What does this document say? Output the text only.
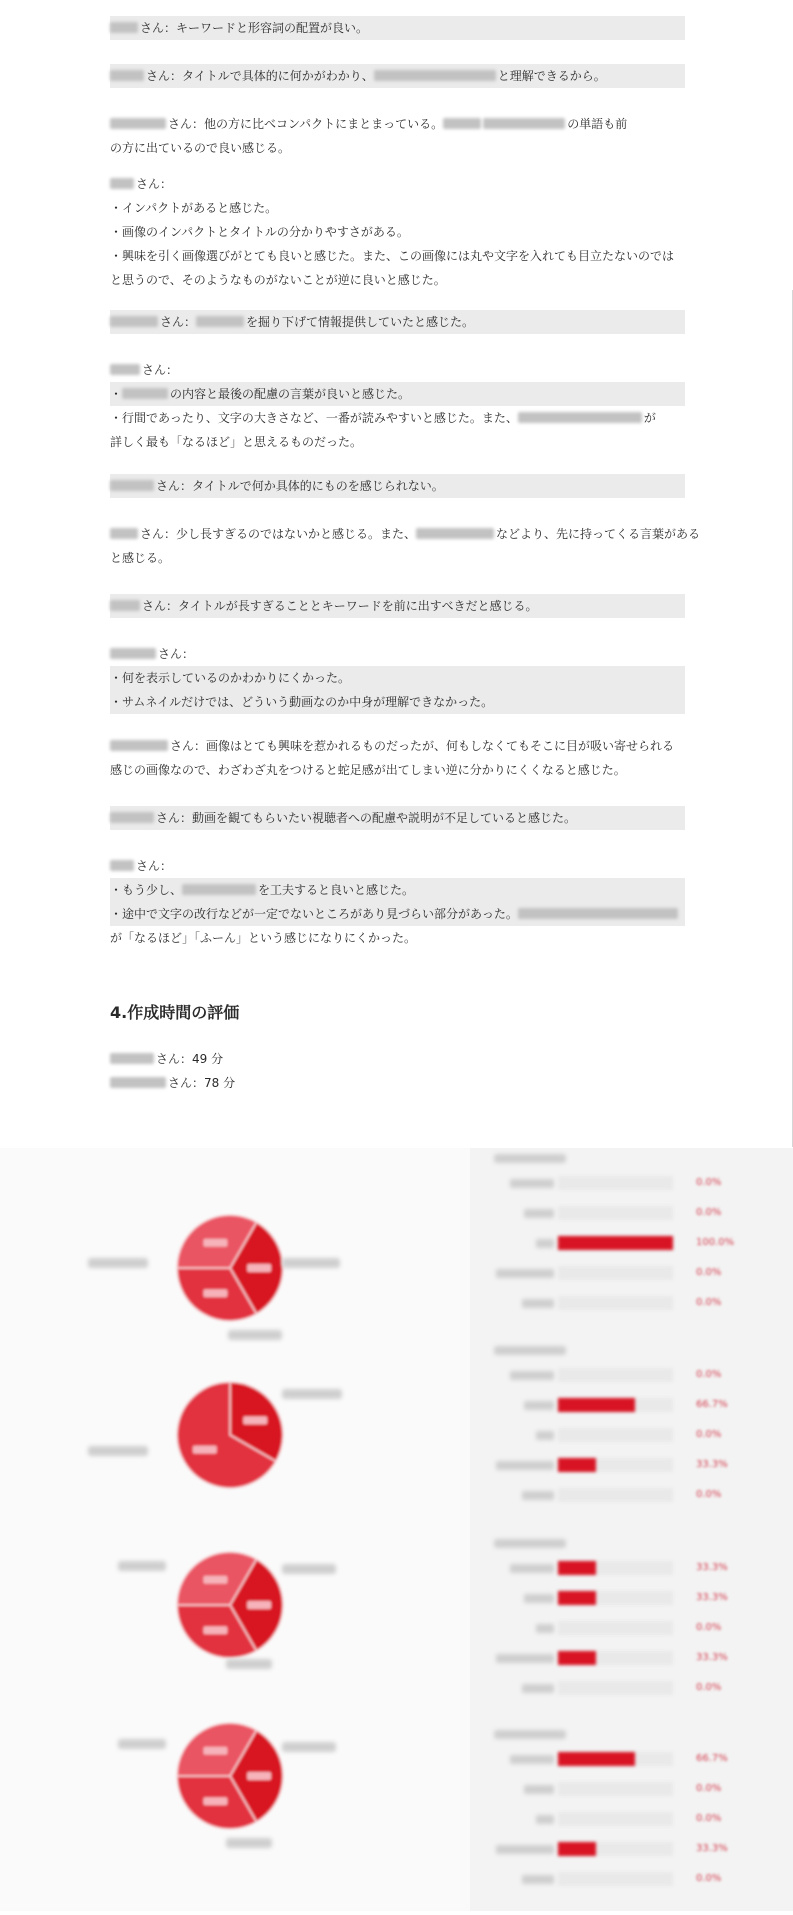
さん：キーワードと形容詞の配置が良い。
さん：タイトルで具体的に何かがわかり、	と理解できるから。
さん：他の方に比べコンパクトにまとまっている。	の単語も前
の方に出ているので良い感じる。
さん：
・インパクトがあると感じた。
・画像のインパクトとタイトルの分かりやすさがある。
・興味を引く画像選びがとても良いと感じた。また、この画像には丸や文字を入れても目立たないのでは
と思うので、そのようなものがないことが逆に良いと感じた。
さん：	を掘り下げて情報提供していたと感じた。
さん：
・	の内容と最後の配慮の言葉が良いと感じた。
・行間であったり、文字の大きさなど、一番が読みやすいと感じた。また、	が
詳しく最も「なるほど」と思えるものだった。
さん：タイトルで何か具体的にものを感じられない。
さん：少し長すぎるのではないかと感じる。また、	などより、先に持ってくる言葉がある
と感じる。
さん：タイトルが長すぎることとキーワードを前に出すべきだと感じる。
さん：
・何を表示しているのかわかりにくかった。
・サムネイルだけでは、どういう動画なのか中身が理解できなかった。
さん：画像はとても興味を惹かれるものだったが、何もしなくてもそこに目が吸い寄せられる
感じの画像なので、わざわざ丸をつけると蛇足感が出てしまい逆に分かりにくくなると感じた。
さん：動画を観てもらいたい視聴者への配慮や説明が不足していると感じた。
さん：
・もう少し、	を工夫すると良いと感じた。
・途中で文字の改行などが一定でないところがあり見づらい部分があった。
が「なるほど」「ふーん」という感じになりにくかった。
4.作成時間の評価
さん：49 分
さん：78 分
0.0%
0.0%
100.0%
0.0%
0.0%
0.0%
66.7%
0.0%
33.3%
0.0%
33.3%
33.3%
0.0%
33.3%
0.0%
66.7%
0.0%
0.0%
33.3%
0.0%
